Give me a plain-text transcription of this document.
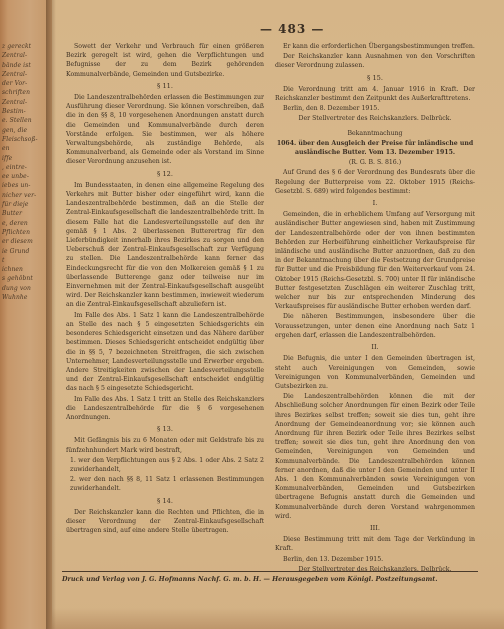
z gereckt
Zentral-
bände ist
Zentral-
der Vor-
schriften
Zentral-
Bestim-
e. Stellen
gen, die
Fleischsoß-
en
iffe
, eintre-
ee unbe-
iebes un-
nicher ver-
für dieje
Butter
e, deren
Pflichten
er diesem
ie Grund
t
ichnen
s gehöbnt
dung von
Wuhnhe
— 483 —

Sowett der Verkehr und Verbrauch für einen größeren Bezirk geregelt ist wird, gehen die Verpflichtungen und Befugnisse der zu dem Bezirk gehörenden Kommunalverbände, Gemeinden und Gutsbezirke.

§ 11.

Die Landeszentralbehörden erlassen die Bestimmungen zur Ausführung dieser Verordnung. Sie können vorschreiben, daß die in den §§ 8, 10 vorgesehenen Anordnungen anstatt durch die Gemeinden und Kommunalverbände durch deren Vorstände erfolgen. Sie bestimmen, wer als höhere Verwaltungsbehörde, als zuständige Behörde, als Kommunalverband, als Gemeinde oder als Vorstand im Sinne dieser Verordnung anzusehen ist.

§ 12.

Im Bundesstaaten, in denen eine allgemeine Regelung des Verkehrs mit Butter bisher oder eingeführt wird, kann die Landeszentralbehörde bestimmen, daß an die Stelle der Zentral-Einkaufsgesellschaft die landeszentralbehörde tritt. In diesem Falle hat die Landesverteilungsstelle auf den ihr gemäß § 1 Abs. 2 überlassenen Butterertrag für den Lieferbündigkeit innerhalb ihres Bezirkes zu sorgen und den Ueberschuß der Zentral-Einkaufsgesellschaft zur Verfügung zu stellen. Die Landeszentralbehörde kann ferner das Eindeckungsrecht für die von den Molkereien gemäß § 1 zu überlassende Butterenge ganz oder teilweise nur im Einvernehmen mit der Zentral-Einkaufsgesellschaft ausgeübt wird. Der Reichskanzler kann bestimmen, inwieweit wiederum an die Zentral-Einkaufsgesellschaft abzuliefern ist.

Im Falle des Abs. 1 Satz 1 kann die Landeszentralbehörde an Stelle des nach § 5 eingesetzten Schiedsgerichts ein besonderes Schiedsgericht einsetzen und das Nähere darüber bestimmen. Dieses Schiedsgericht entscheidet endgültig über die in §§ 5, 7 bezeichneten Streitfragen, die sich zwischen Unternehmer, Landesverteilungsstelle und Erwerber ergeben. Andere Streitigkeiten zwischen der Landesverteilungsstelle und der Zentral-Einkaufsgesellschaft entscheidet endgültig das nach § 5 eingesetzte Schiedsgericht.

Im Falle des Abs. 1 Satz 1 tritt an Stelle des Reichskanzlers die Landeszentralbehörde für die § 6 vorgesehenen Anordnungen.

§ 13.

Mit Gefängnis bis zu 6 Monaten oder mit Geldstrafe bis zu fünfzehnhundert Mark wird bestraft,

1. wer den Verpflichtungen aus § 2 Abs. 1 oder Abs. 2 Satz 2 zuwiderhandelt,

2. wer den nach §§ 8, 11 Satz 1 erlassenen Bestimmungen zuwiderhandelt.

§ 14.

Der Reichskanzler kann die Rechten und Pflichten, die in dieser Verordnung der Zentral-Einkaufsgesellschaft übertragen sind, auf eine andere Stelle übertragen.

Er kann die erforderlichen Übergangsbestimmungen treffen.

Der Reichskanzler kann Ausnahmen von den Vorschriften dieser Verordnung zulassen.

§ 15.

Die Verordnung tritt am 4. Januar 1916 in Kraft. Der Reichskanzler bestimmt den Zeitpunkt des Außerkrafttretens.

Berlin, den 8. Dezember 1915.

Der Stellvertreter des Reichskanzlers. Delbrück.

Bekanntmachung

1064. über den Ausgleich der Preise für inländische und ausländische Butter. Vom 13. Dezember 1915.

(R. G. B. S. 816.)

Auf Grund des § 6 der Verordnung des Bundesrats über die Regelung der Butterpreise vom 22. Oktober 1915 (Reichs-Gesetzbl. S. 689) wird folgendes bestimmt:

I.

Gemeinden, die in erheblichem Umfang auf Versorgung mit ausländischer Butter angewiesen sind, haben mit Zustimmung der Landeszentralbehörde oder der von ihnen bestimmten Behörden zur Herbeiführung einheitlicher Verkaufspreise für inländische und ausländische Butter anzuordnen, daß zu den in der Bekanntmachung über die Festsetzung der Grundpreise für Butter und die Preisbildung für den Weiterverkauf vom 24. Oktober 1915 (Reichs-Gesetzbl. S. 700) unter II für inländische Butter festgesetzten Zuschlägen ein weiterer Zuschlag tritt, welcher nur bis zur entsprechenden Minderung des Verkaufspreises für ausländische Butter erhoben werden darf.

Die näheren Bestimmungen, insbesondere über die Voraussetzungen, unter denen eine Anordnung nach Satz 1 ergehen darf, erlassen die Landeszentralbehörden.

II.

Die Befugnis, die unter I den Gemeinden übertragen ist, steht auch Vereinigungen von Gemeinden, sowie Vereinigungen von Kommunalverbänden, Gemeinden und Gutsbezirken zu.

Die Landeszentralbehörden können die mit der Abschließung solcher Anordnungen für einen Bezirk oder Teile ihres Bezirkes selbst treffen; soweit sie dies tun, geht ihre Anordnung der Gemeindeanordnung vor; sie können auch Anordnung für ihren Bezirk oder Teile ihres Bezirkes selbst treffen; soweit sie dies tun, geht ihre Anordnung den von Gemeinden, Vereinigungen von Gemeinden und Kommunalverbände. Die Landeszentralbehörden können ferner anordnen, daß die unter I den Gemeinden und unter II Abs. 1 den Kommunalverbänden sowie Vereinigungen von Kommunalverbänden, Gemeinden und Gutsbezirken übertragene Befugnis anstatt durch die Gemeinden und Kommunalverbände durch deren Vorstand wahrgenommen wird.

III.

Diese Bestimmung tritt mit dem Tage der Verkündung in Kraft.

Berlin, den 13. Dezember 1915.

Der Stellvertreter des Reichskanzlers. Delbrück.

Druck und Verlag von J. G. Hofmanns Nachf. G. m. b. H. — Herausgegeben vom Königl. Postzeitungsamt.
